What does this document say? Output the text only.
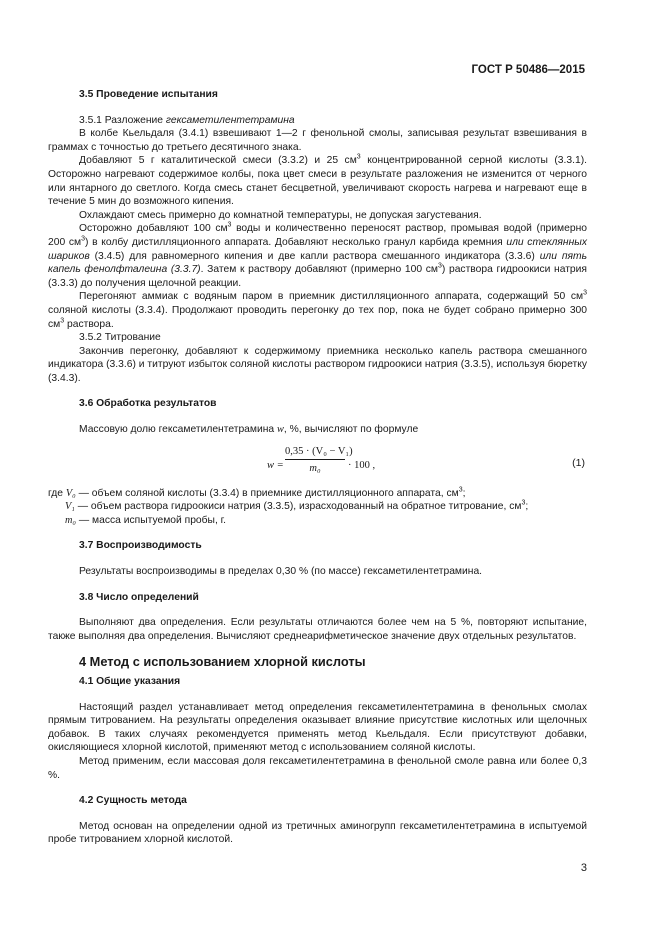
ГОСТ Р 50486—2015

3.5 Проведение испытания

3.5.1 Разложение гексаметилентетрамина

В колбе Кьельдаля (3.4.1) взвешивают 1—2 г фенольной смолы, записывая результат взвешивания в граммах с точностью до третьего десятичного знака.

Добавляют 5 г каталитической смеси (3.3.2) и 25 $см^3$ концентрированной серной кислоты (3.3.1). Осторожно нагревают содержимое колбы, пока цвет смеси в результате разложения не изменится от черного или янтарного до светлого. Когда смесь станет бесцветной, увеличивают скорость нагрева и нагревают еще в течение 5 мин до возможного кипения.

Охлаждают смесь примерно до комнатной температуры, не допуская загустевания.

Осторожно добавляют 100 $см^3$ воды и количественно переносят раствор, промывая водой (примерно 200 $см^3$) в колбу дистилляционного аппарата. Добавляют несколько гранул карбида кремния или стеклянных шариков (3.4.5) для равномерного кипения и две капли раствора смешанного индикатора (3.3.6) или пять капель фенолфталеина (3.3.7). Затем к раствору добавляют (примерно 100 $см^3$) раствора гидроокиси натрия (3.3.3) до получения щелочной реакции.

Перегоняют аммиак с водяным паром в приемник дистилляционного аппарата, содержащий 50 $см^3$ соляной кислоты (3.3.4). Продолжают проводить перегонку до тех пор, пока не будет собрано примерно 300 $см^3$ раствора.

3.5.2 Титрование

Закончив перегонку, добавляют к содержимому приемника несколько капель раствора смешанного индикатора (3.3.6) и титруют избыток соляной кислоты раствором гидроокиси натрия (3.3.5), используя бюретку (3.4.3).

3.6 Обработка результатов

Массовую долю гексаметилентетрамина w, %, вычисляют по формуле

$w = \frac{\text{0,35 · (V₀ − V₁)}}{\text{m₀}} \cdot 100$ ,	(1)

где V₀ — объем соляной кислоты (3.3.4) в приемнике дистилляционного аппарата, $см^3$;

V₁ — объем раствора гидроокиси натрия (3.3.5), израсходованный на обратное титрование, $см^3$;

m₀ — масса испытуемой пробы, г.

3.7 Воспроизводимость

Результаты воспроизводимы в пределах 0,30 % (по массе) гексаметилентетрамина.

3.8 Число определений

Выполняют два определения. Если результаты отличаются более чем на 5 %, повторяют испытание, также выполняя два определения. Вычисляют среднеарифметическое значение двух отдельных результатов.

4 Метод с использованием хлорной кислоты

4.1 Общие указания

Настоящий раздел устанавливает метод определения гексаметилентетрамина в фенольных смолах прямым титрованием. На результаты определения оказывает влияние присутствие кислотных или щелочных добавок. В таких случаях рекомендуется применять метод Кьельдаля. Если присутствуют добавки, окисляющиеся хлорной кислотой, применяют метод с использованием соляной кислоты.

Метод применим, если массовая доля гексаметилентетрамина в фенольной смоле равна или более 0,3 %.

4.2 Сущность метода

Метод основан на определении одной из третичных аминогрупп гексаметилентетрамина в испытуемой пробе титрованием хлорной кислотой.

3
